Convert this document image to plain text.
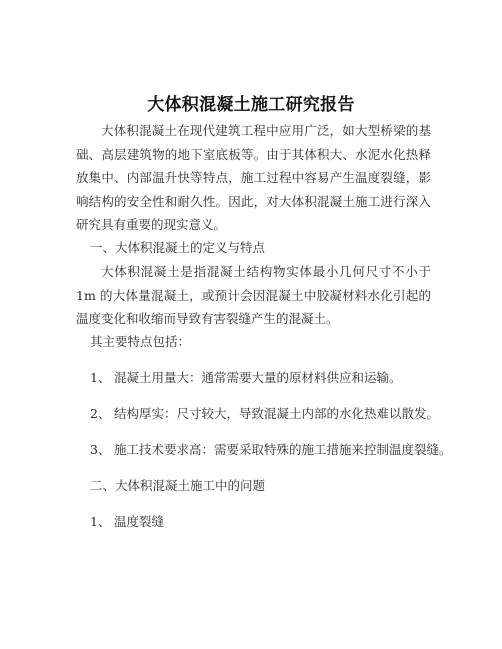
大体积混凝土施工研究报告

大体积混凝土在现代建筑工程中应用广泛，如大型桥梁的基础、高层建筑物的地下室底板等。由于其体积大、水泥水化热释放集中、内部温升快等特点，施工过程中容易产生温度裂缝，影响结构的安全性和耐久性。因此，对大体积混凝土施工进行深入研究具有重要的现实意义。

一、大体积混凝土的定义与特点

大体积混凝土是指混凝土结构物实体最小几何尺寸不小于 1m 的大体量混凝土，或预计会因混凝土中胶凝材料水化引起的温度变化和收缩而导致有害裂缝产生的混凝土。

其主要特点包括：

1、 混凝土用量大：通常需要大量的原材料供应和运输。

2、 结构厚实：尺寸较大，导致混凝土内部的水化热难以散发。

3、 施工技术要求高：需要采取特殊的施工措施来控制温度裂缝。

二、大体积混凝土施工中的问题

1、 温度裂缝
